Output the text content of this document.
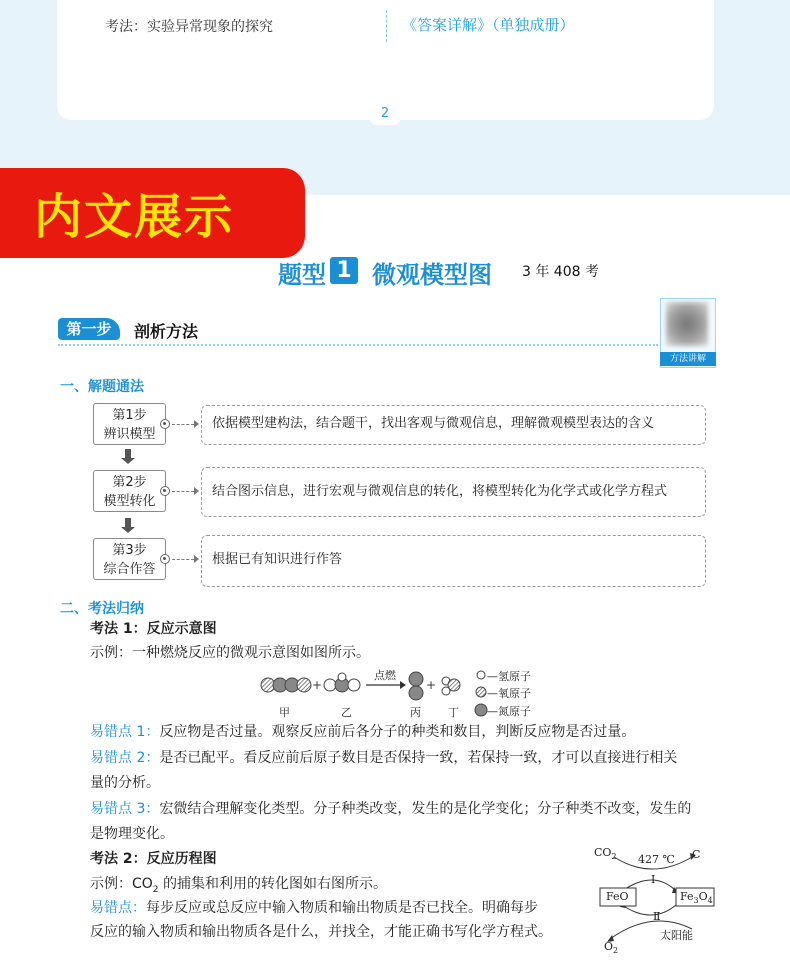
考法：实验异常现象的探究	《答案详解》（单独成册）
2
内文展示
题型 1 微观模型图 3 年 408 考
第一步	剖析方法
方法讲解
一、解题通法
第1步
辨识模型
依据模型建构法，结合题干，找出客观与微观信息，理解微观模型表达的含义
第2步
模型转化
结合图示信息，进行宏观与微观信息的转化，将模型转化为化学式或化学方程式
第3步
综合作答
根据已有知识进行作答
二、考法归纳
考法 1：反应示意图
示例：一种燃烧反应的微观示意图如图所示。
+	+
点燃
甲	乙	丙 丁
—氢原子
—氧原子
—氮原子
易错点 1：反应物是否过量。观察反应前后各分子的种类和数目，判断反应物是否过量。
易错点 2：是否已配平。看反应前后原子数目是否保持一致，若保持一致，才可以直接进行相关
量的分析。
易错点 3：宏微结合理解变化类型。分子种类改变，发生的是化学变化；分子种类不改变，发生的
是物理变化。
考法 2：反应历程图
示例：$CO_2$ 的捕集和利用的转化图如右图所示。
易错点：每步反应或总反应中输入物质和输出物质是否已找全。明确每步
反应的输入物质和输出物质各是什么，并找全，才能正确书写化学方程式。
$CO_2$ 427 ℃ C
Ⅰ
FeO	$Fe_3O_4$
Ⅱ
太阳能
$O_2$
